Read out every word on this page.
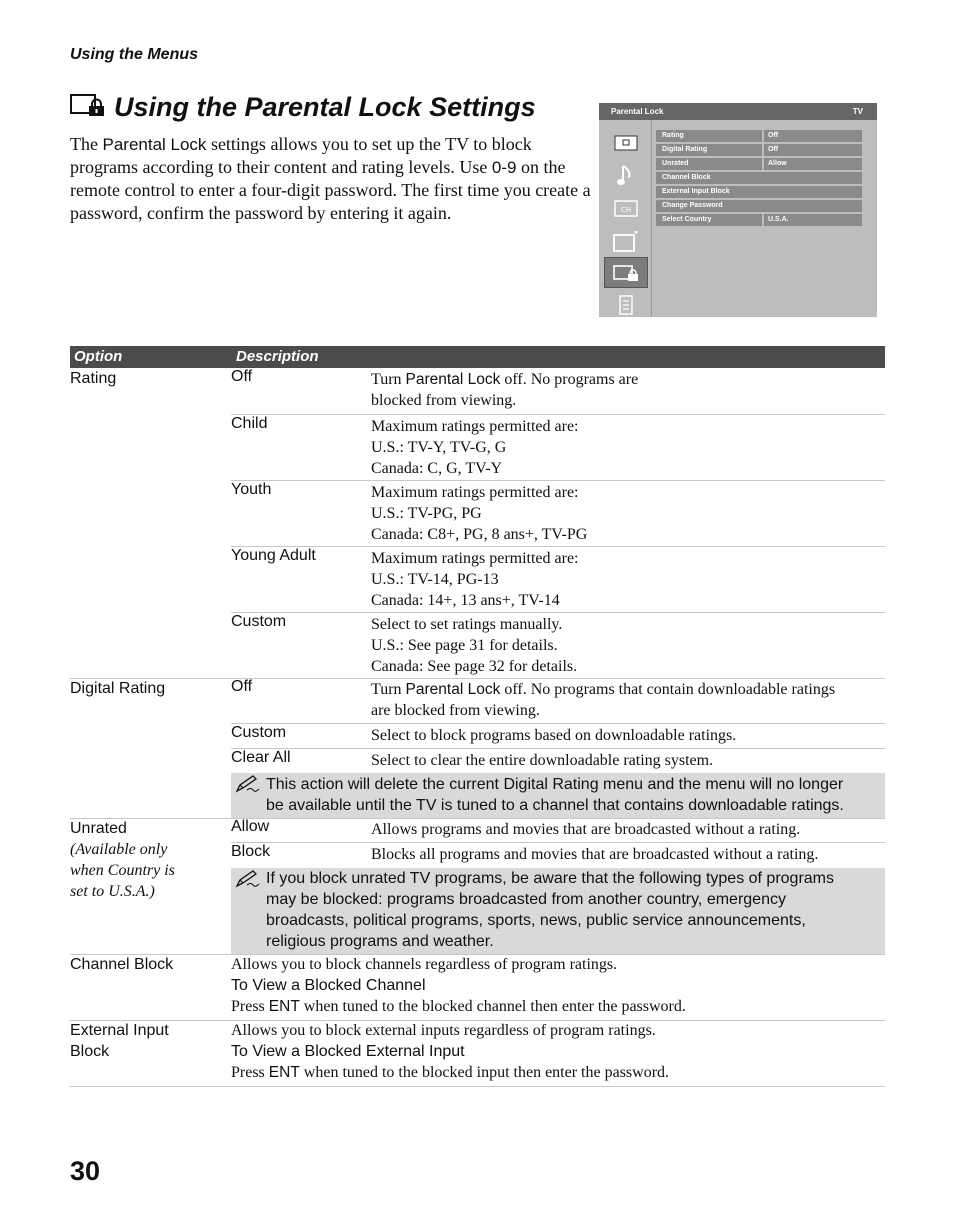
Using the Menus
Using the Parental Lock Settings
The Parental Lock settings allows you to set up the TV to block programs according to their content and rating levels. Use 0-9 on the remote control to enter a four-digit password. The first time you create a password, confirm the password by entering it again.
Parental Lock	TV
CH
Rating	Off
Digital Rating	Off
Unrated	Allow
Channel Block
External Input Block
Change Password
Select Country	U.S.A.
Option	Description
Rating	Off	Turn Parental Lock off. No programs are
blocked from viewing.
Child	Maximum ratings permitted are:
U.S.: TV-Y, TV-G, G
Canada: C, G, TV-Y
Youth	Maximum ratings permitted are:
U.S.: TV-PG, PG
Canada: C8+, PG, 8 ans+, TV-PG
Young Adult	Maximum ratings permitted are:
U.S.: TV-14, PG-13
Canada: 14+, 13 ans+, TV-14
Custom	Select to set ratings manually.
U.S.: See page 31 for details.
Canada: See page 32 for details.
Digital Rating	Off	Turn Parental Lock off. No programs that contain downloadable ratings
are blocked from viewing.
Custom	Select to block programs based on downloadable ratings.
Clear All	Select to clear the entire downloadable rating system.
This action will delete the current Digital Rating menu and the menu will no longer
be available until the TV is tuned to a channel that contains downloadable ratings.
Unrated
(Available only
when Country is
set to U.S.A.)
Allow	Allows programs and movies that are broadcasted without a rating.
Block	Blocks all programs and movies that are broadcasted without a rating.
If you block unrated TV programs, be aware that the following types of programs
may be blocked: programs broadcasted from another country, emergency
broadcasts, political programs, sports, news, public service announcements,
religious programs and weather.
Channel Block	Allows you to block channels regardless of program ratings.
To View a Blocked Channel
Press ENT when tuned to the blocked channel then enter the password.
External Input
Block
Allows you to block external inputs regardless of program ratings.
To View a Blocked External Input
Press ENT when tuned to the blocked input then enter the password.
30
